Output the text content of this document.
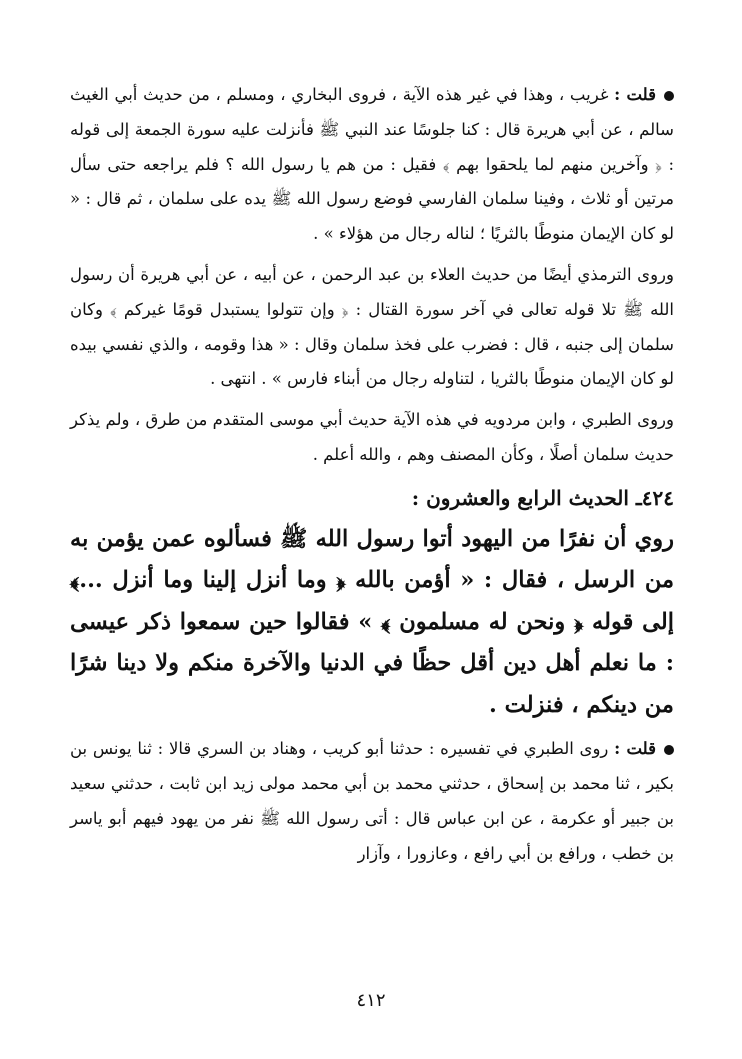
قلت : غريب ، وهذا في غير هذه الآية ، فروى البخاري ، ومسلم ، من حديث أبي الغيث سالم ، عن أبي هريرة قال : كنا جلوسًا عند النبي ﷺ فأنزلت عليه سورة الجمعة إلى قوله : ﴿ وآخرين منهم لما يلحقوا بهم ﴾ فقيل : من هم يا رسول الله ؟ فلم يراجعه حتى سأل مرتين أو ثلاث ، وفينا سلمان الفارسي فوضع رسول الله ﷺ يده على سلمان ، ثم قال : « لو كان الإيمان منوطًا بالثريًا ؛ لناله رجال من هؤلاء » .

وروى الترمذي أيضًا من حديث العلاء بن عبد الرحمن ، عن أبيه ، عن أبي هريرة أن رسول الله ﷺ تلا قوله تعالى في آخر سورة القتال : ﴿ وإن تتولوا يستبدل قومًا غيركم ﴾ وكان سلمان إلى جنبه ، قال : فضرب على فخذ سلمان وقال : « هذا وقومه ، والذي نفسي بيده لو كان الإيمان منوطًا بالثريا ، لتناوله رجال من أبناء فارس » . انتهى .

وروى الطبري ، وابن مردويه في هذه الآية حديث أبي موسى المتقدم من طرق ، ولم يذكر حديث سلمان أصلًا ، وكأن المصنف وهم ، والله أعلم .

٤٢٤ـ الحديث الرابع والعشرون :

روي أن نفرًا من اليهود أتوا رسول الله ﷺ فسألوه عمن يؤمن به من الرسل ، فقال : « أؤمن بالله ﴿ وما أنزل إلينا وما أنزل ...﴾ إلى قوله ﴿ ونحن له مسلمون ﴾ » فقالوا حين سمعوا ذكر عيسى : ما نعلم أهل دين أقل حظًا في الدنيا والآخرة منكم ولا دينا شرًا من دينكم ، فنزلت .

قلت : روى الطبري في تفسيره : حدثنا أبو كريب ، وهناد بن السري قالا : ثنا يونس بن بكير ، ثنا محمد بن إسحاق ، حدثني محمد بن أبي محمد مولى زيد ابن ثابت ، حدثني سعيد بن جبير أو عكرمة ، عن ابن عباس قال : أتى رسول الله ﷺ نفر من يهود فيهم أبو ياسر بن خطب ، ورافع بن أبي رافع ، وعازورا ، وآزار

٤١٢
